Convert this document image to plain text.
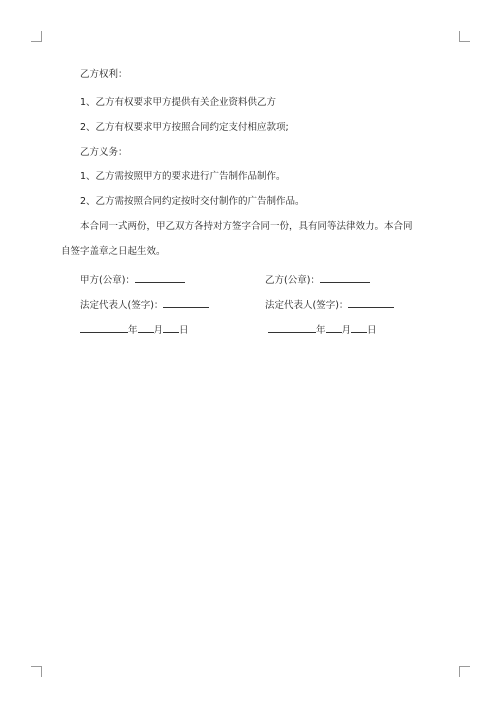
乙方权利：
1、乙方有权要求甲方提供有关企业资料供乙方
2、乙方有权要求甲方按照合同约定支付相应款项;
乙方义务：
1、乙方需按照甲方的要求进行广告制作品制作。
2、乙方需按照合同约定按时交付制作的广告制作品。
本合同一式两份，甲乙双方各持对方签字合同一份，具有同等法律效力。本合同
自签字盖章之日起生效。
甲方(公章)：	乙方(公章)：
法定代表人(签字)：	法定代表人(签字)：
年 月 日	年 月 日
